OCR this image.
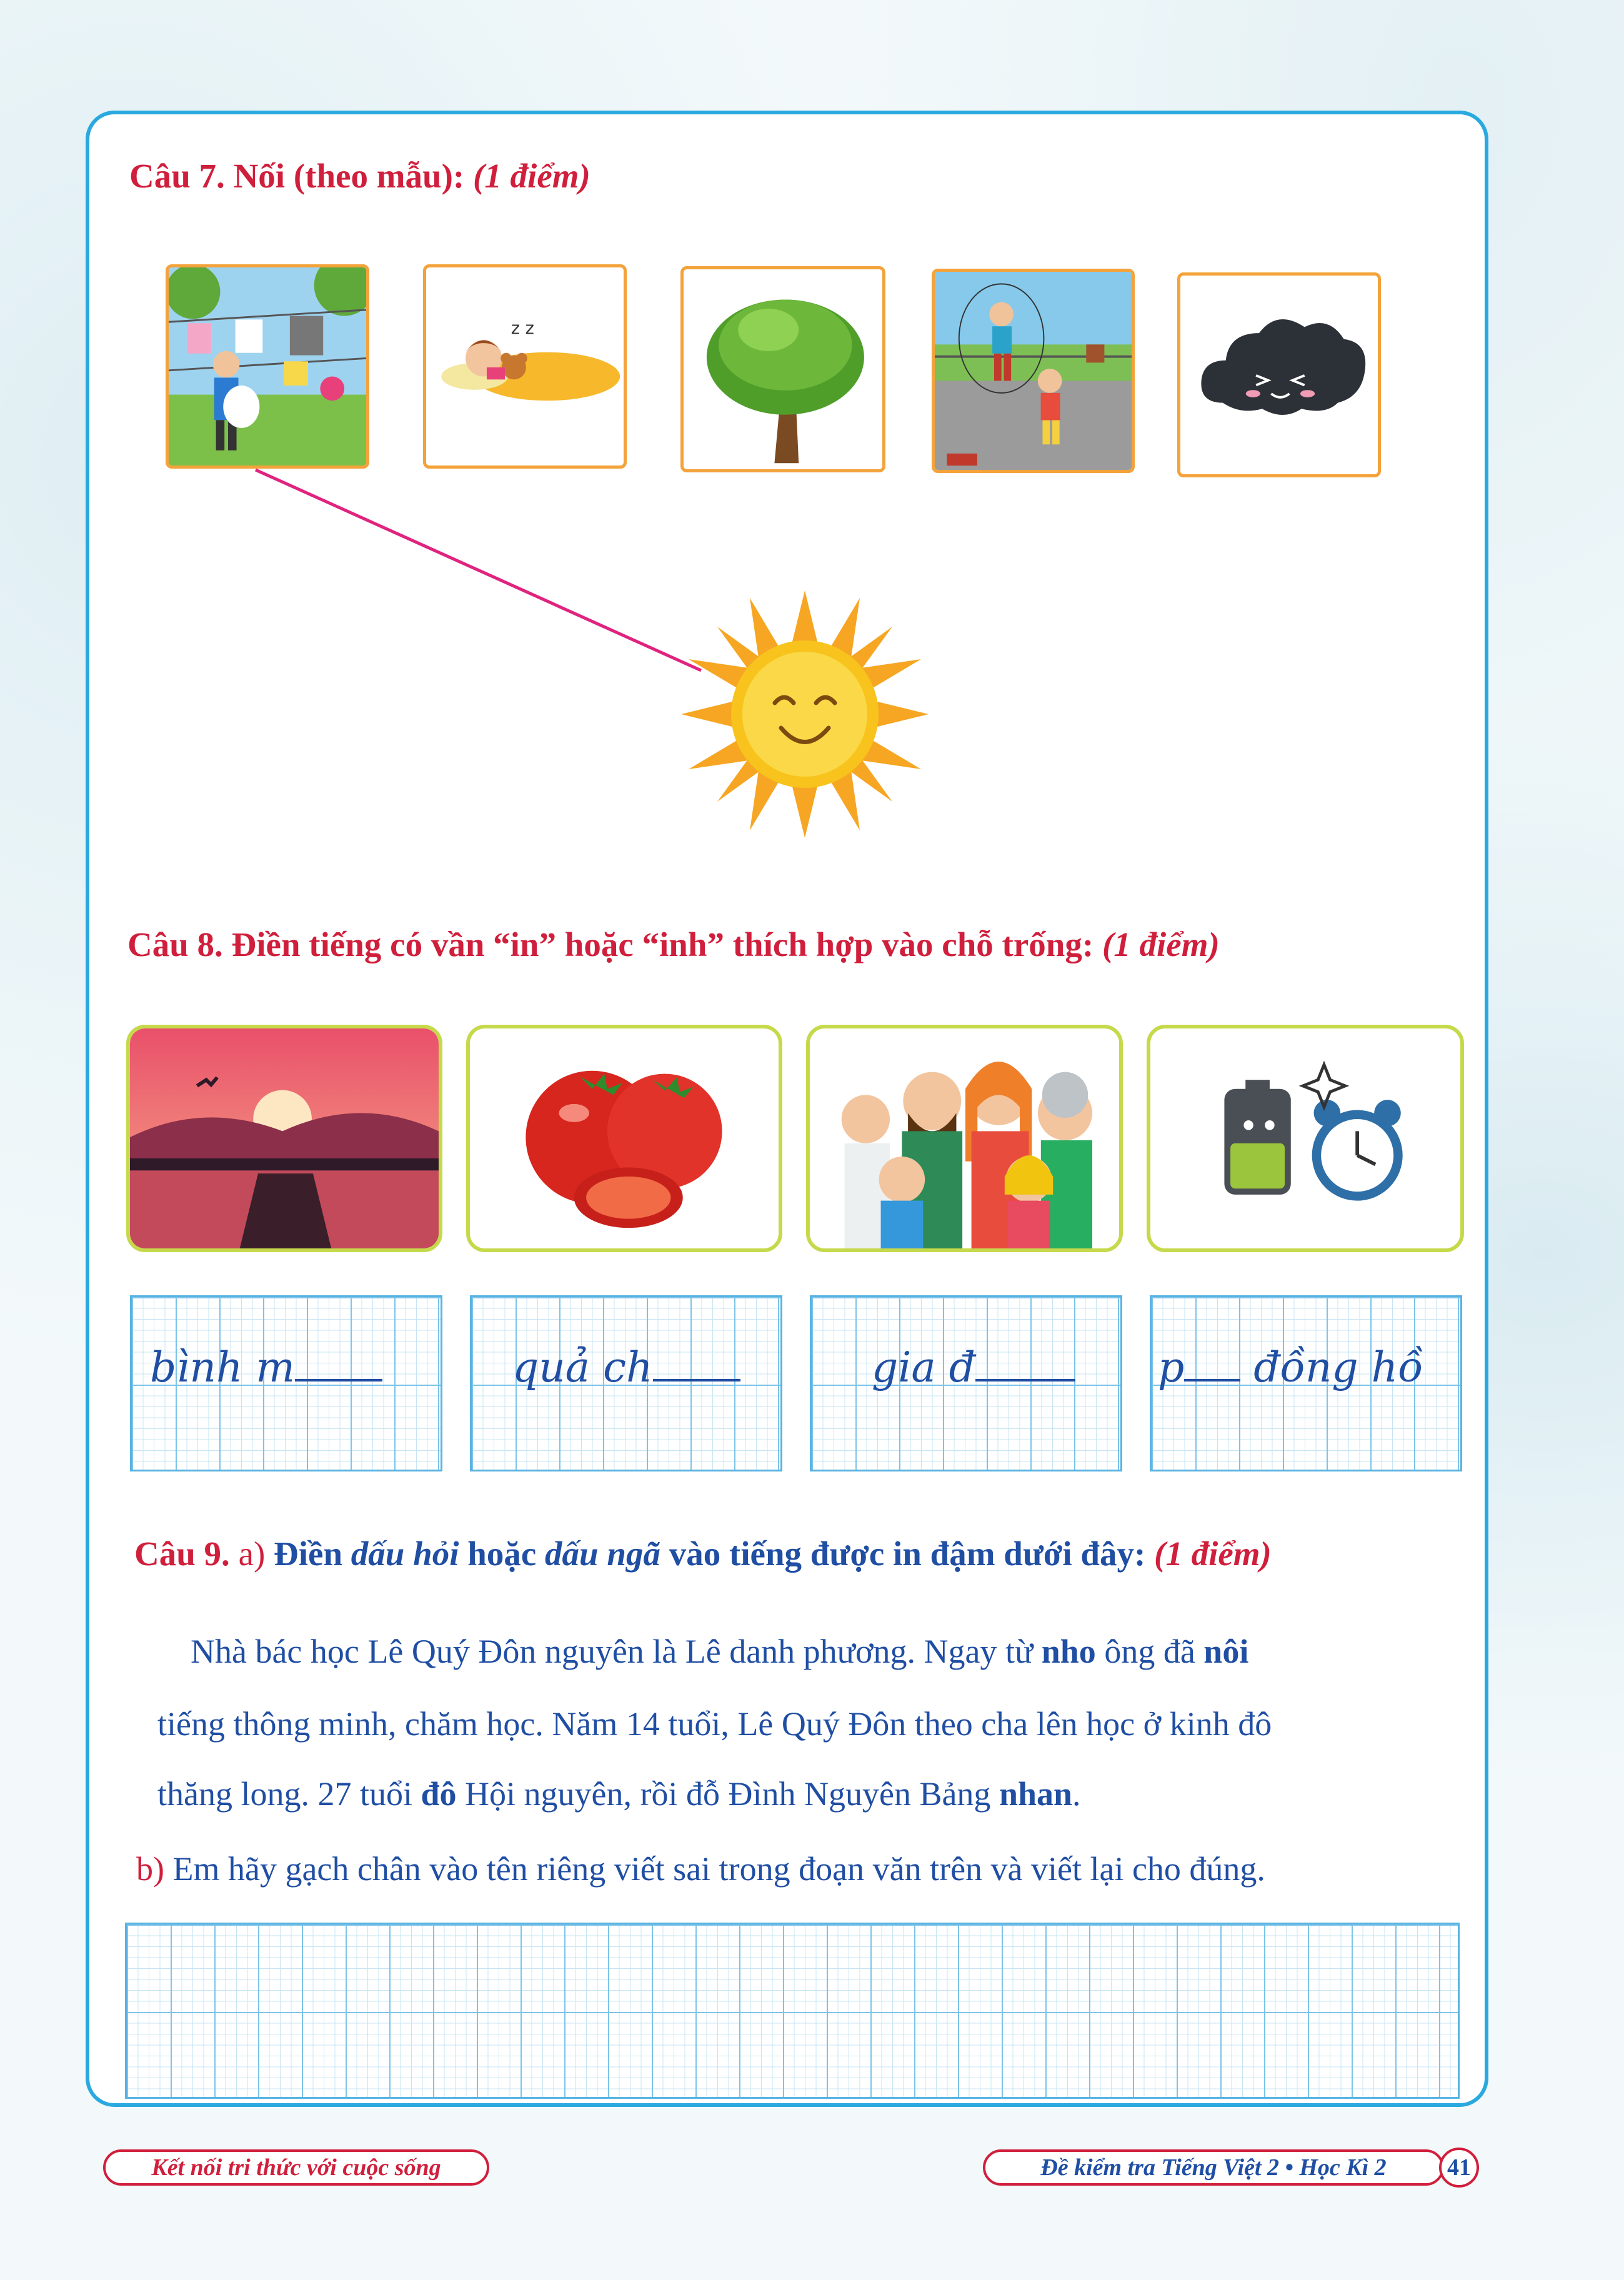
Câu 7. Nối (theo mẫu): (1 điểm)
z z
Câu 8. Điền tiếng có vần “in” hoặc “inh” thích hợp vào chỗ trống: (1 điểm)
bình m	quả ch	gia đ	p đồng hồ
Câu 9. a) Điền dấu hỏi hoặc dấu ngã vào tiếng được in đậm dưới đây: (1 điểm)
Nhà bác học Lê Quý Đôn nguyên là Lê danh phương. Ngay từ nho ông đã nôi
tiếng thông minh, chăm học. Năm 14 tuổi, Lê Quý Đôn theo cha lên học ở kinh đô
thăng long. 27 tuổi đô Hội nguyên, rồi đỗ Đình Nguyên Bảng nhan.
b) Em hãy gạch chân vào tên riêng viết sai trong đoạn văn trên và viết lại cho đúng.
Kết nối tri thức với cuộc sống	Đề kiểm tra Tiếng Việt 2 • Học Kì 2	41
